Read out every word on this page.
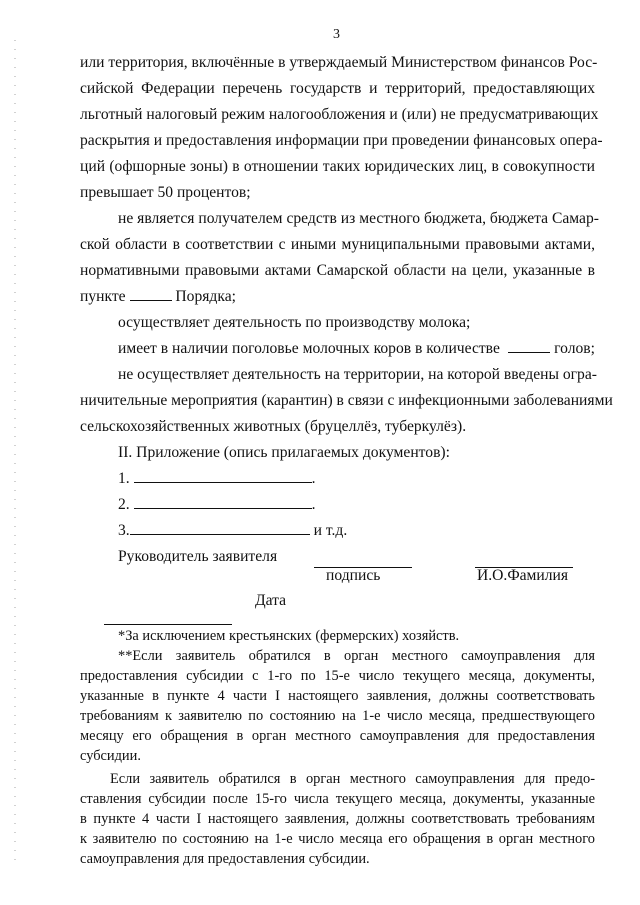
3
или территория, включённые в утверждаемый Министерством финансов Рос-
сийской Федерации перечень государств и территорий, предоставляющих
льготный налоговый режим налогообложения и (или) не предусматривающих
раскрытия и предоставления информации при проведении финансовых опера-
ций (офшорные зоны) в отношении таких юридических лиц, в совокупности
превышает 50 процентов;
не является получателем средств из местного бюджета, бюджета Самар-
ской области в соответствии с иными муниципальными правовыми актами,
нормативными правовыми актами Самарской области на цели, указанные в
пункте	Порядка;
осуществляет деятельность по производству молока;
имеет в наличии поголовье молочных коров в количестве	голов;
не осуществляет деятельность на территории, на которой введены огра-
ничительные мероприятия (карантин) в связи с инфекционными заболеваниями
сельскохозяйственных животных (бруцеллёз, туберкулёз).
II. Приложение (опись прилагаемых документов):
1.	.
2.	.
3.	и т.д.
Руководитель заявителя
подпись	И.О.Фамилия
Дата
*За исключением крестьянских (фермерских) хозяйств.
**Если заявитель обратился в орган местного самоуправления для
предоставления субсидии с 1-го по 15-е число текущего месяца, документы,
указанные в пункте 4 части I настоящего заявления, должны соответствовать
требованиям к заявителю по состоянию на 1-е число месяца, предшествующего
месяцу его обращения в орган местного самоуправления для предоставления
субсидии.
Если заявитель обратился в орган местного самоуправления для предо-
ставления субсидии после 15-го числа текущего месяца, документы, указанные
в пункте 4 части I настоящего заявления, должны соответствовать требованиям
к заявителю по состоянию на 1-е число месяца его обращения в орган местного
самоуправления для предоставления субсидии.
